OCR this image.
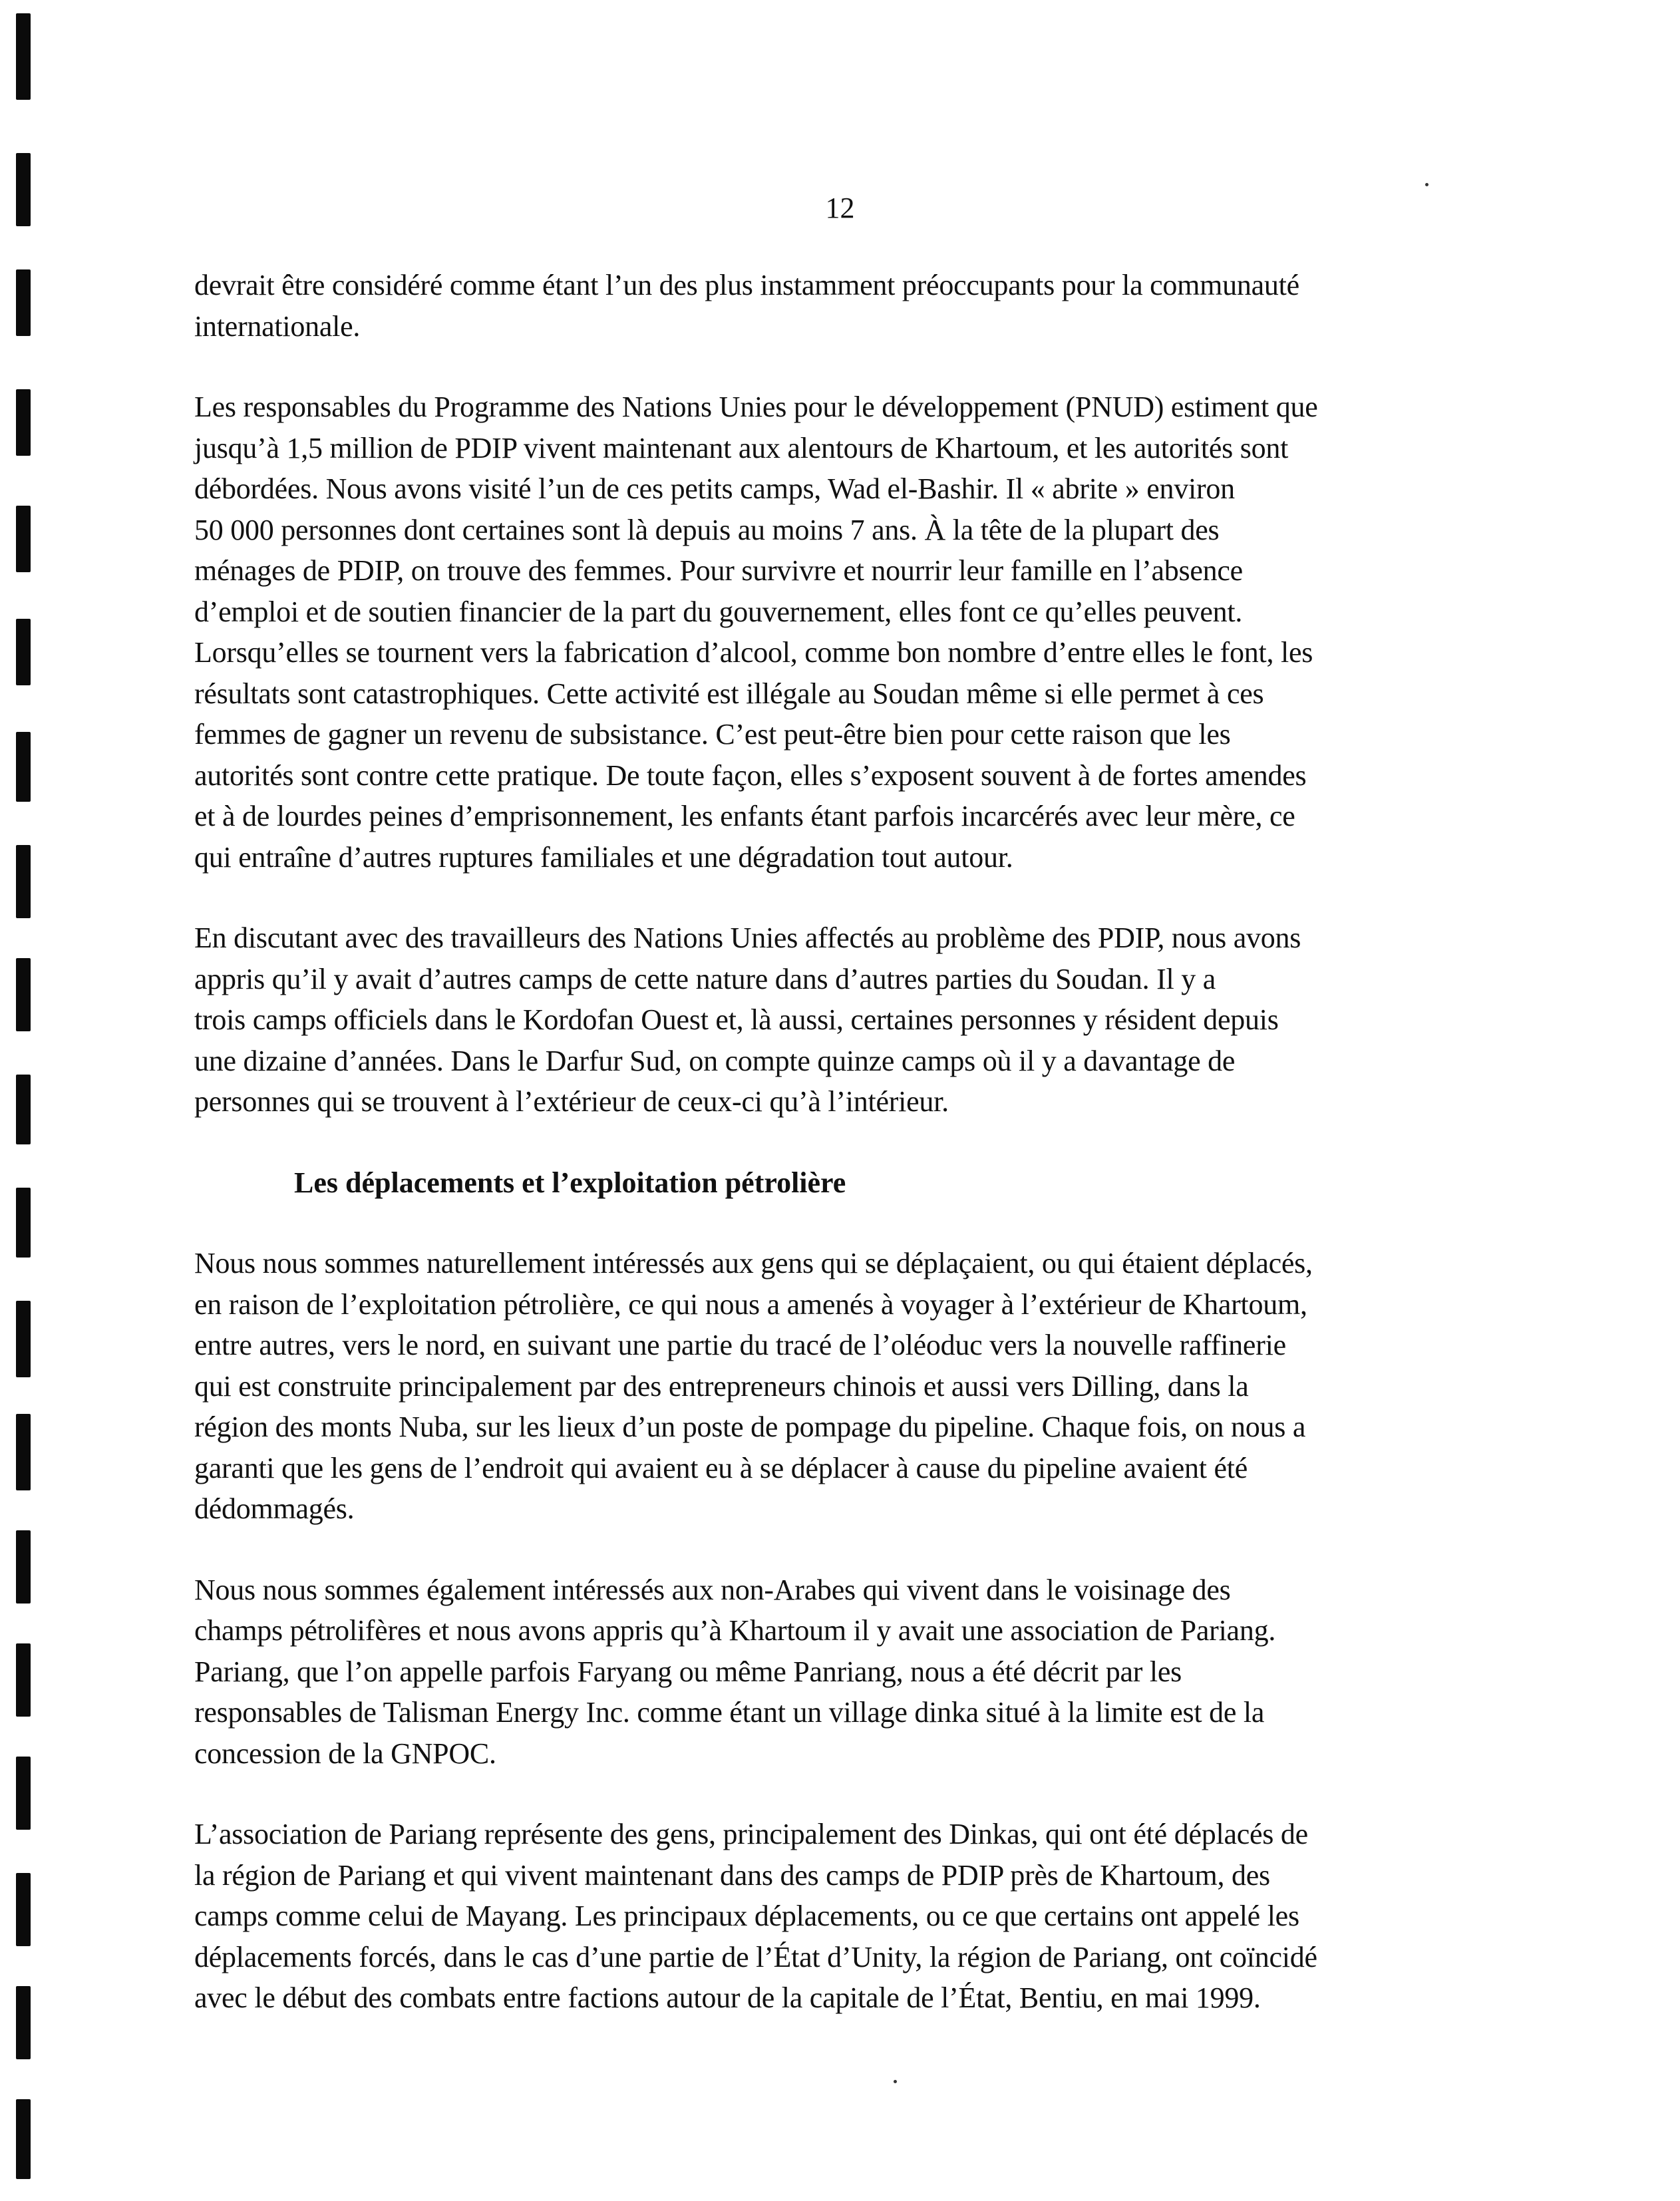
12

devrait être considéré comme étant l’un des plus instamment préoccupants pour la communauté
internationale.

Les responsables du Programme des Nations Unies pour le développement (PNUD) estiment que
jusqu’à 1,5 million de PDIP vivent maintenant aux alentours de Khartoum, et les autorités sont
débordées. Nous avons visité l’un de ces petits camps, Wad el-Bashir. Il « abrite » environ
50 000 personnes dont certaines sont là depuis au moins 7 ans. À la tête de la plupart des
ménages de PDIP, on trouve des femmes. Pour survivre et nourrir leur famille en l’absence
d’emploi et de soutien financier de la part du gouvernement, elles font ce qu’elles peuvent.
Lorsqu’elles se tournent vers la fabrication d’alcool, comme bon nombre d’entre elles le font, les
résultats sont catastrophiques. Cette activité est illégale au Soudan même si elle permet à ces
femmes de gagner un revenu de subsistance. C’est peut-être bien pour cette raison que les
autorités sont contre cette pratique. De toute façon, elles s’exposent souvent à de fortes amendes
et à de lourdes peines d’emprisonnement, les enfants étant parfois incarcérés avec leur mère, ce
qui entraîne d’autres ruptures familiales et une dégradation tout autour.

En discutant avec des travailleurs des Nations Unies affectés au problème des PDIP, nous avons
appris qu’il y avait d’autres camps de cette nature dans d’autres parties du Soudan. Il y a
trois camps officiels dans le Kordofan Ouest et, là aussi, certaines personnes y résident depuis
une dizaine d’années. Dans le Darfur Sud, on compte quinze camps où il y a davantage de
personnes qui se trouvent à l’extérieur de ceux-ci qu’à l’intérieur.

Les déplacements et l’exploitation pétrolière

Nous nous sommes naturellement intéressés aux gens qui se déplaçaient, ou qui étaient déplacés,
en raison de l’exploitation pétrolière, ce qui nous a amenés à voyager à l’extérieur de Khartoum,
entre autres, vers le nord, en suivant une partie du tracé de l’oléoduc vers la nouvelle raffinerie
qui est construite principalement par des entrepreneurs chinois et aussi vers Dilling, dans la
région des monts Nuba, sur les lieux d’un poste de pompage du pipeline. Chaque fois, on nous a
garanti que les gens de l’endroit qui avaient eu à se déplacer à cause du pipeline avaient été
dédommagés.

Nous nous sommes également intéressés aux non-Arabes qui vivent dans le voisinage des
champs pétrolifères et nous avons appris qu’à Khartoum il y avait une association de Pariang.
Pariang, que l’on appelle parfois Faryang ou même Panriang, nous a été décrit par les
responsables de Talisman Energy Inc. comme étant un village dinka situé à la limite est de la
concession de la GNPOC.

L’association de Pariang représente des gens, principalement des Dinkas, qui ont été déplacés de
la région de Pariang et qui vivent maintenant dans des camps de PDIP près de Khartoum, des
camps comme celui de Mayang. Les principaux déplacements, ou ce que certains ont appelé les
déplacements forcés, dans le cas d’une partie de l’État d’Unity, la région de Pariang, ont coïncidé
avec le début des combats entre factions autour de la capitale de l’État, Bentiu, en mai 1999.
